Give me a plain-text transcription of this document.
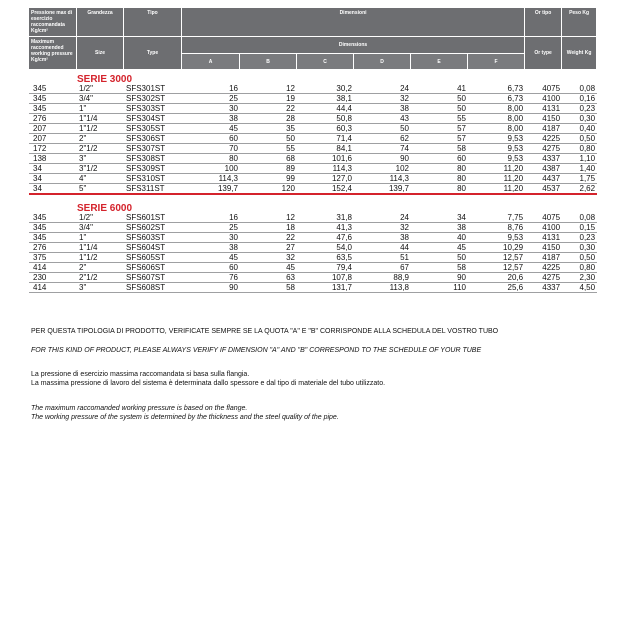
Pressione max di esercizio raccomandata Kg/cm²	Grandezza	Tipo	Dimensioni						Or tipo	Peso Kg
Maximum raccomended working pressure Kg/cm²	Size	Type	Dimensions						Or type	Weight Kg
			A	B	C	D	E	F		
SERIE 3000										
345	1/2"	SFS301ST	16	12	30,2	24	41	6,73	4075	0,08
345	3/4"	SFS302ST	25	19	38,1	32	50	6,73	4100	0,16
345	1"	SFS303ST	30	22	44,4	38	50	8,00	4131	0,23
276	1"1/4	SFS304ST	38	28	50,8	43	55	8,00	4150	0,30
207	1"1/2	SFS305ST	45	35	60,3	50	57	8,00	4187	0,40
207	2"	SFS306ST	60	50	71,4	62	57	9,53	4225	0,50
172	2"1/2	SFS307ST	70	55	84,1	74	58	9,53	4275	0,80
138	3"	SFS308ST	80	68	101,6	90	60	9,53	4337	1,10
34	3"1/2	SFS309ST	100	89	114,3	102	80	11,20	4387	1,40
34	4"	SFS310ST	114,3	99	127,0	114,3	80	11,20	4437	1,75
34	5"	SFS311ST	139,7	120	152,4	139,7	80	11,20	4537	2,62

SERIE 6000										
345	1/2"	SFS601ST	16	12	31,8	24	34	7,75	4075	0,08
345	3/4"	SFS602ST	25	18	41,3	32	38	8,76	4100	0,15
345	1"	SFS603ST	30	22	47,6	38	40	9,53	4131	0,23
276	1"1/4	SFS604ST	38	27	54,0	44	45	10,29	4150	0,30
375	1"1/2	SFS605ST	45	32	63,5	51	50	12,57	4187	0,50
414	2"	SFS606ST	60	45	79,4	67	58	12,57	4225	0,80
230	2"1/2	SFS607ST	76	63	107,8	88,9	90	20,6	4275	2,30
414	3"	SFS608ST	90	58	131,7	113,8	110	25,6	4337	4,50
PER QUESTA TIPOLOGIA DI PRODOTTO, VERIFICATE SEMPRE SE LA QUOTA "A" E "B" CORRISPONDE ALLA SCHEDULA DEL VOSTRO TUBO
FOR THIS KIND OF PRODUCT, PLEASE ALWAYS VERIFY IF DIMENSION "A" AND "B" CORRESPOND TO THE SCHEDULE OF YOUR TUBE
La pressione di esercizio massima raccomandata si basa sulla flangia.
La massima pressione di lavoro del sistema è determinata dallo spessore e dal tipo di materiale del tubo utilizzato.
The maximum raccomanded working pressure is based on the flange.
The working pressure of the system is determined by the thickness and the steel quality of the pipe.
